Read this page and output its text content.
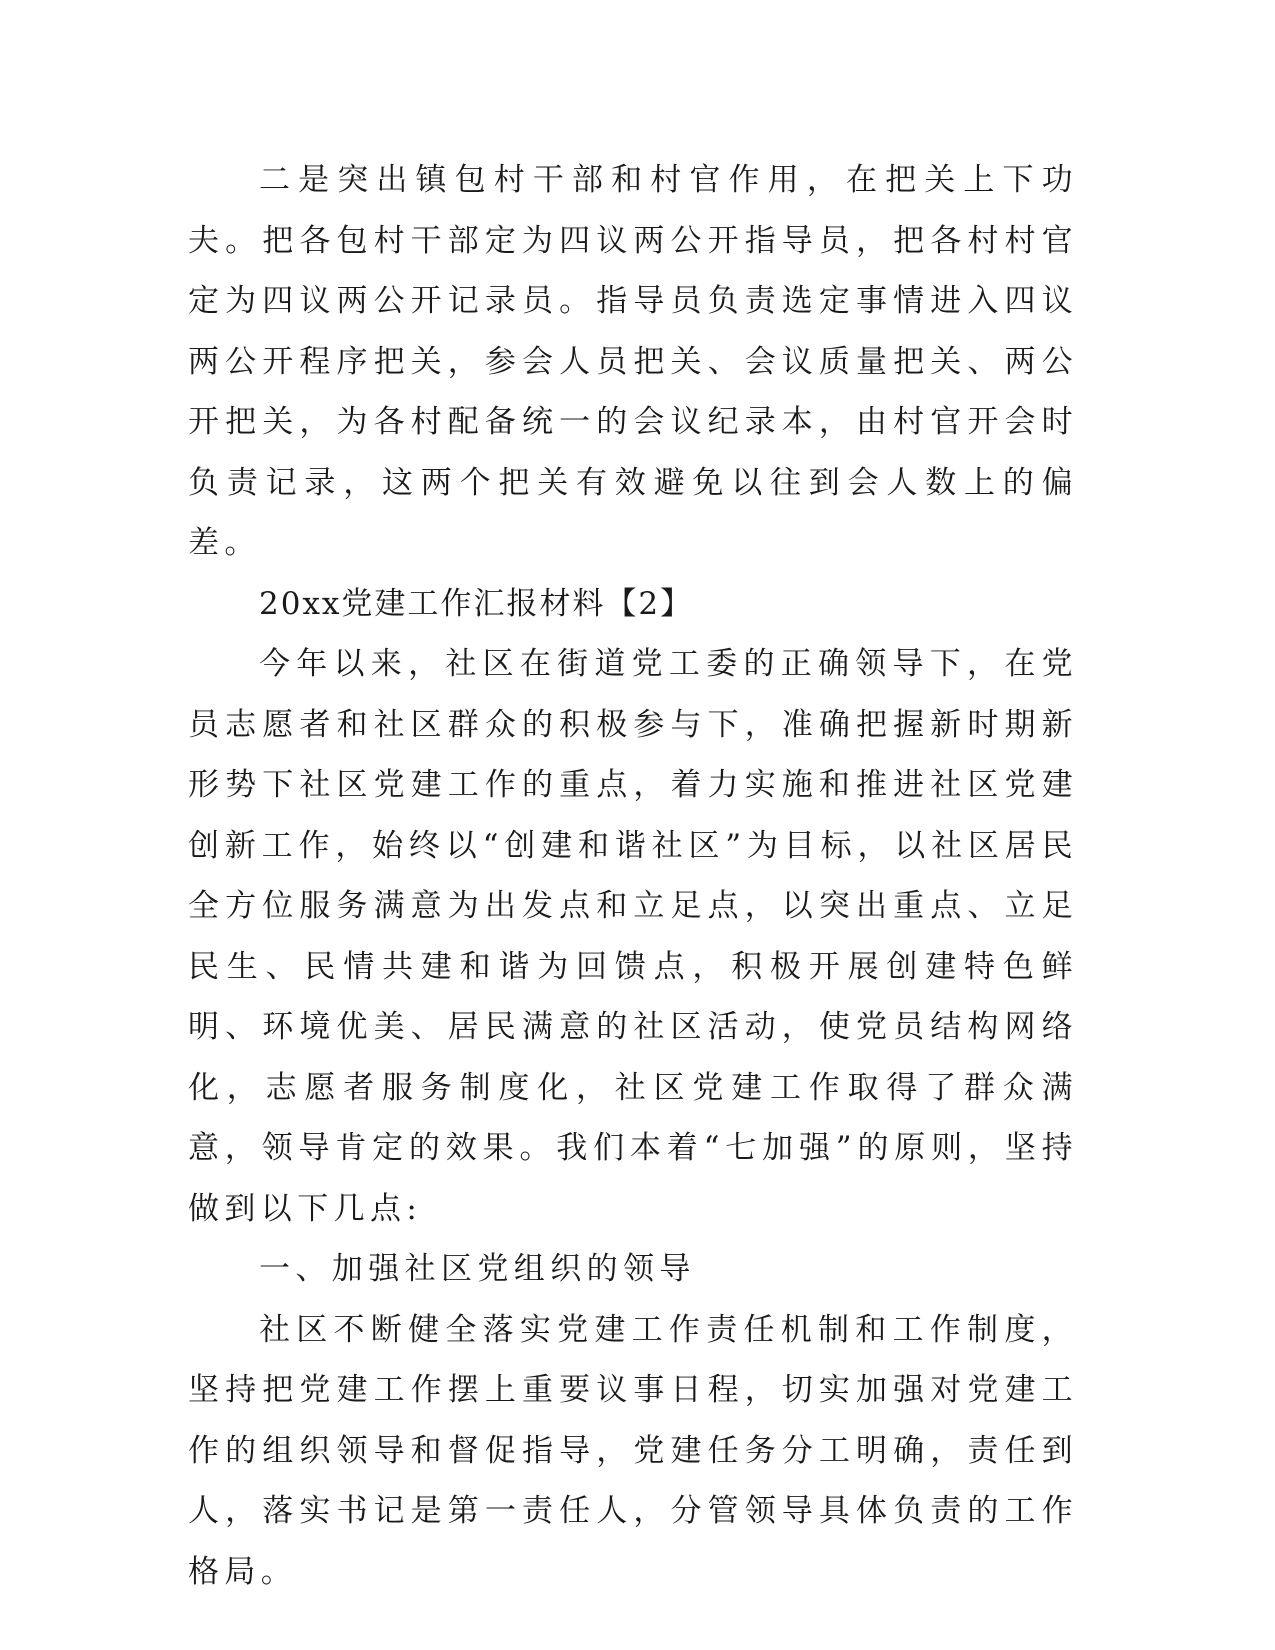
二是突出镇包村干部和村官作用，在把关上下功夫。把各包村干部定为四议两公开指导员，把各村村官定为四议两公开记录员。指导员负责选定事情进入四议两公开程序把关，参会人员把关、会议质量把关、两公开把关，为各村配备统一的会议纪录本，由村官开会时负责记录，这两个把关有效避免以往到会人数上的偏差。

20xx党建工作汇报材料【2】

今年以来，社区在街道党工委的正确领导下，在党员志愿者和社区群众的积极参与下，准确把握新时期新形势下社区党建工作的重点，着力实施和推进社区党建创新工作，始终以“创建和谐社区”为目标，以社区居民全方位服务满意为出发点和立足点，以突出重点、立足民生、民情共建和谐为回馈点，积极开展创建特色鲜明、环境优美、居民满意的社区活动，使党员结构网络化，志愿者服务制度化，社区党建工作取得了群众满意，领导肯定的效果。我们本着“七加强”的原则，坚持做到以下几点:

一、加强社区党组织的领导

社区不断健全落实党建工作责任机制和工作制度，坚持把党建工作摆上重要议事日程，切实加强对党建工作的组织领导和督促指导，党建任务分工明确，责任到人，落实书记是第一责任人，分管领导具体负责的工作格局。
